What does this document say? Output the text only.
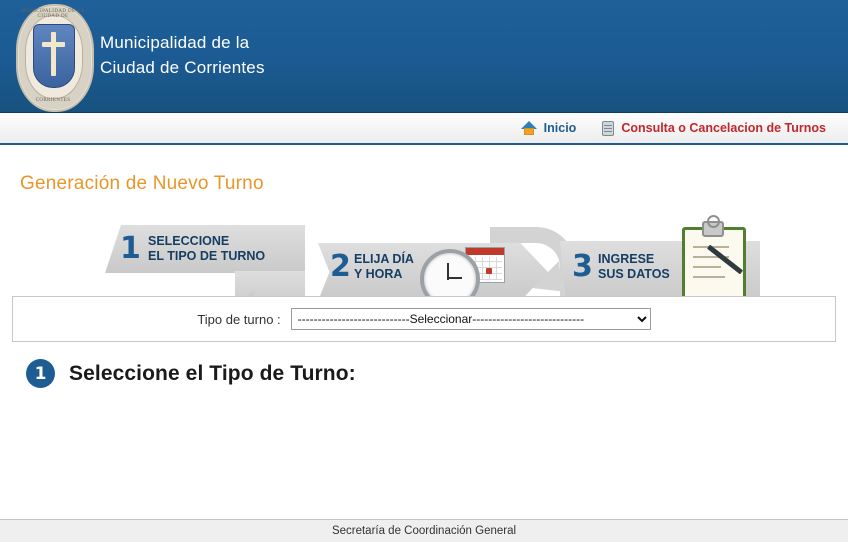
MUNICIPALIDAD DE LA CIUDAD DE
CORRIENTES
Municipalidad de la
Ciudad de Corrientes
Inicio	Consulta o Cancelacion de Turnos
Generación de Nuevo Turno
1 SELECCIONE
EL TIPO DE TURNO 2 ELIJA DÍA
Y HORA	3 INGRESE
SUS DATOS
1	Seleccione el Tipo de Turno:
Tipo de turno :
----------------------------Seleccionar----------------------------
Secretaría de Coordinación General
